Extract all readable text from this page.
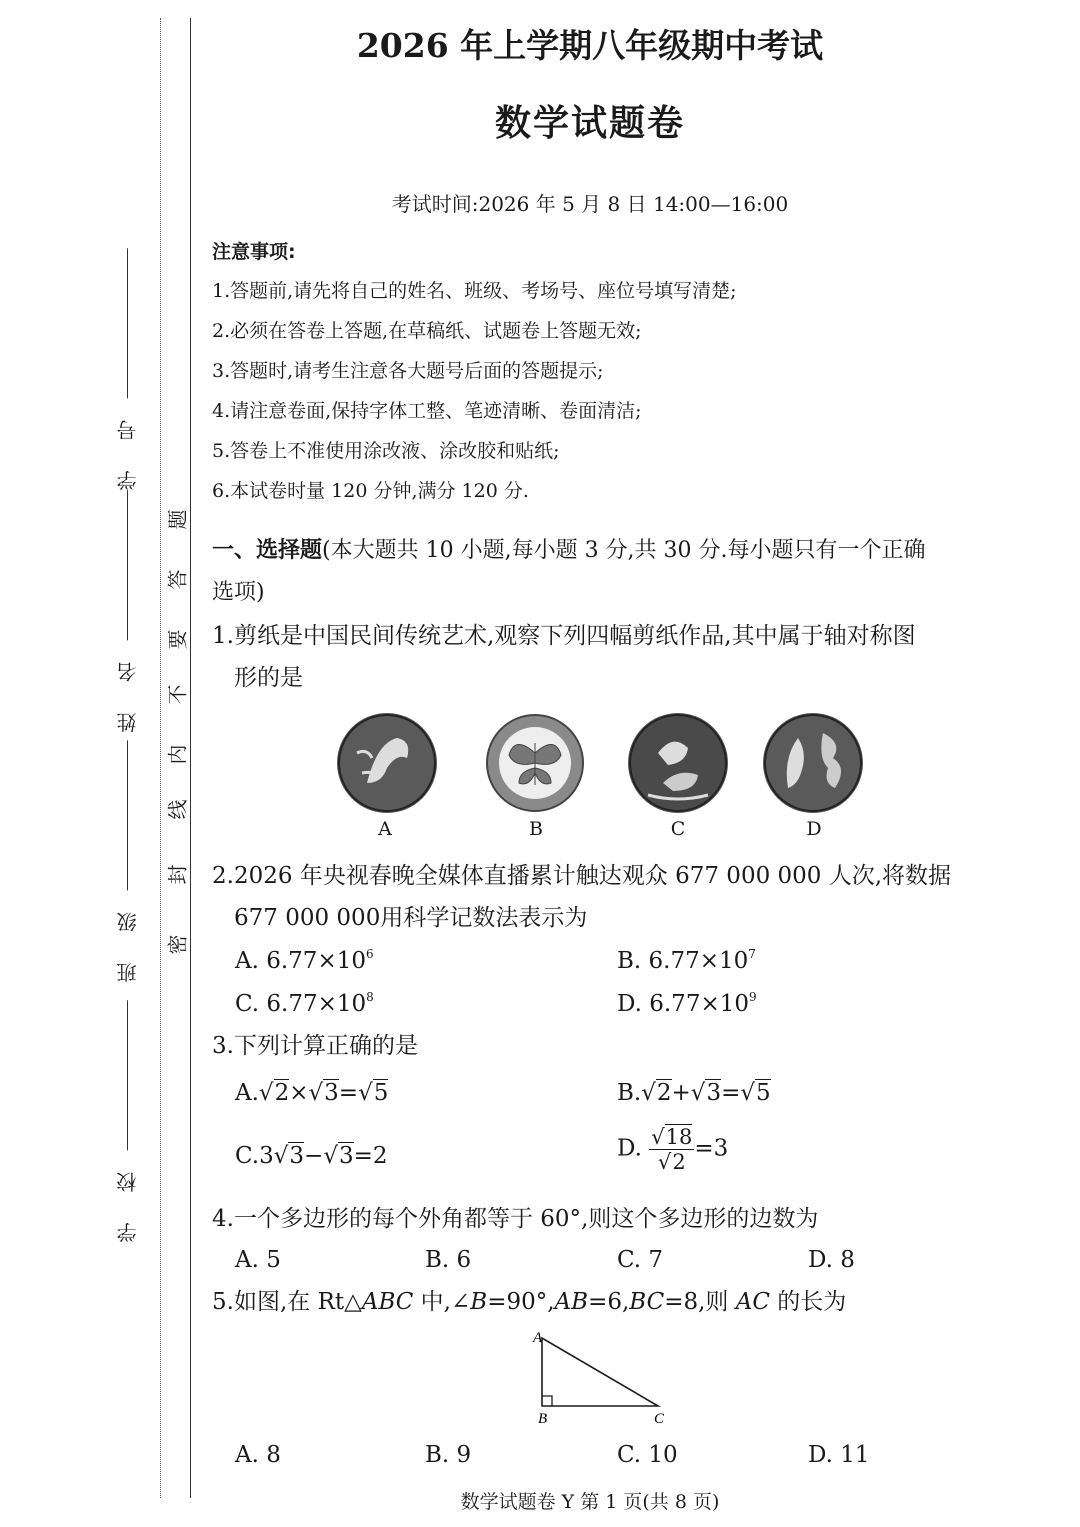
学 号
姓 名
班 级
学 校
密
封
线
内
不
要
答
题
2026 年上学期八年级期中考试
数学试题卷
考试时间:2026 年 5 月 8 日 14:00—16:00
注意事项:
1.答题前,请先将自己的姓名、班级、考场号、座位号填写清楚;
2.必须在答卷上答题,在草稿纸、试题卷上答题无效;
3.答题时,请考生注意各大题号后面的答题提示;
4.请注意卷面,保持字体工整、笔迹清晰、卷面清洁;
5.答卷上不准使用涂改液、涂改胶和贴纸;
6.本试卷时量 120 分钟,满分 120 分.
一、选择题(本大题共 10 小题,每小题 3 分,共 30 分.每小题只有一个正确
选项)
1.剪纸是中国民间传统艺术,观察下列四幅剪纸作品,其中属于轴对称图
形的是
A	B	C	D
2.2026 年央视春晚全媒体直播累计触达观众 677 000 000 人次,将数据
677 000 000用科学记数法表示为
A. $6.77\times 10^6$	B. $6.77\times 10^7$
C. $6.77\times 10^8$	D. $6.77\times 10^9$
3.下列计算正确的是
A.√2×√3=√5	B.√2+√3=√5
C.3√3−√3=2	D. $\frac{√18}{√2} =3$
4.一个多边形的每个外角都等于 60°,则这个多边形的边数为
A. 5	B. 6	C. 7	D. 8
5.如图,在 Rt△ABC 中,∠B=90°,AB=6,BC=8,则 AC 的长为
A
B	C
A. 8	B. 9	C. 10	D. 11
数学试题卷 Y 第 1 页(共 8 页)
